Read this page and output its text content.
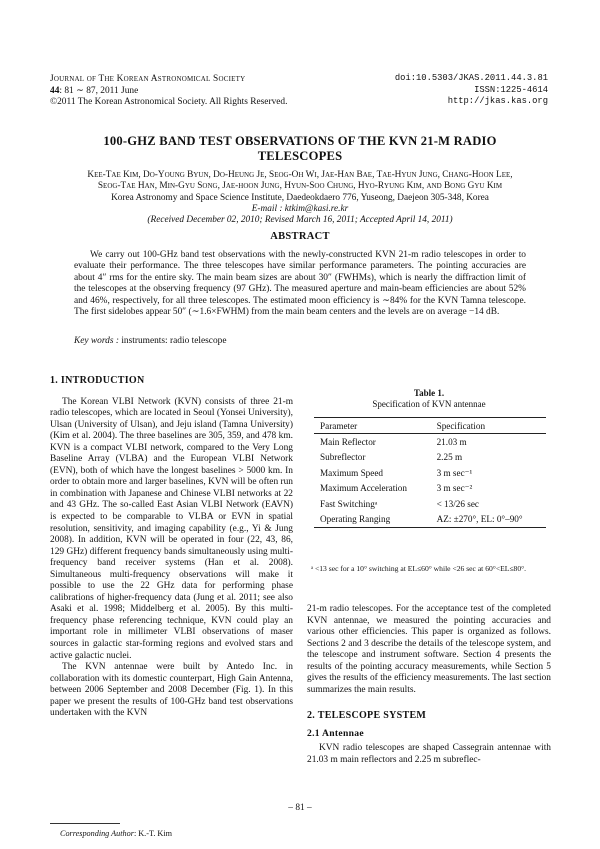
Journal of The Korean Astronomical Society
44: 81 ∼ 87, 2011 June
©2011 The Korean Astronomical Society. All Rights Reserved.
doi:10.5303/JKAS.2011.44.3.81
ISSN:1225-4614
http://jkas.kas.org
100-GHZ BAND TEST OBSERVATIONS OF THE KVN 21-M RADIO TELESCOPES
Kee-Tae Kim, Do-Young Byun, Do-Heung Je, Seog-Oh Wi, Jae-Han Bae, Tae-Hyun Jung, Chang-Hoon Lee,
Seog-Tae Han, Min-Gyu Song, Jae-hoon Jung, Hyun-Soo Chung, Hyo-Ryung Kim, and Bong Gyu Kim
Korea Astronomy and Space Science Institute, Daedeokdaero 776, Yuseong, Daejeon 305-348, Korea
E-mail : ktkim@kasi.re.kr
(Received December 02, 2010; Revised March 16, 2011; Accepted April 14, 2011)
ABSTRACT
We carry out 100-GHz band test observations with the newly-constructed KVN 21-m radio telescopes in order to evaluate their performance. The three telescopes have similar performance parameters. The pointing accuracies are about 4″ rms for the entire sky. The main beam sizes are about 30″ (FWHMs), which is nearly the diffraction limit of the telescopes at the observing frequency (97 GHz). The measured aperture and main-beam efficiencies are about 52% and 46%, respectively, for all three telescopes. The estimated moon efficiency is ∼84% for the KVN Tamna telescope. The first sidelobes appear 50″ (∼1.6×FWHM) from the main beam centers and the levels are on average −14 dB.
Key words : instruments: radio telescope
1. INTRODUCTION

The Korean VLBI Network (KVN) consists of three 21-m radio telescopes, which are located in Seoul (Yonsei University), Ulsan (University of Ulsan), and Jeju island (Tamna University) (Kim et al. 2004). The three baselines are 305, 359, and 478 km. KVN is a compact VLBI network, compared to the Very Long Baseline Array (VLBA) and the European VLBI Network (EVN), both of which have the longest baselines > 5000 km. In order to obtain more and larger baselines, KVN will be often run in combination with Japanese and Chinese VLBI networks at 22 and 43 GHz. The so-called East Asian VLBI Network (EAVN) is expected to be comparable to VLBA or EVN in spatial resolution, sensitivity, and imaging capability (e.g., Yi & Jung 2008). In addition, KVN will be operated in four (22, 43, 86, 129 GHz) different frequency bands simultaneously using multi-frequency band receiver systems (Han et al. 2008). Simultaneous multi-frequency observations will make it possible to use the 22 GHz data for performing phase calibrations of higher-frequency data (Jung et al. 2011; see also Asaki et al. 1998; Middelberg et al. 2005). By this multi-frequency phase referencing technique, KVN could play an important role in millimeter VLBI observations of maser sources in galactic star-forming regions and evolved stars and active galactic nuclei.

The KVN antennae were built by Antedo Inc. in collaboration with its domestic counterpart, High Gain Antenna, between 2006 September and 2008 December (Fig. 1). In this paper we present the results of 100-GHz band test observations undertaken with the KVN

Table 1.
Specification of KVN antennae
Parameter	Specification
Main Reflector	21.03 m
Subreflector	2.25 m
Maximum Speed	3 m sec⁻¹
Maximum Acceleration	3 m sec⁻²
Fast Switchingᵃ	< 13/26 sec
Operating Ranging	AZ: ±270°, EL: 0°–90°
ᵃ <13 sec for a 10° switching at EL≤60° while <26 sec at 60°<EL≤80°.

21-m radio telescopes. For the acceptance test of the completed KVN antennae, we measured the pointing accuracies and various other efficiencies. This paper is organized as follows. Sections 2 and 3 describe the details of the telescope system, and the telescope and instrument software. Section 4 presents the results of the pointing accuracy measurements, while Section 5 gives the results of the efficiency measurements. The last section summarizes the main results.

2. TELESCOPE SYSTEM
2.1 Antennae

KVN radio telescopes are shaped Cassegrain antennae with 21.03 m main reflectors and 2.25 m subreflec-

– 81 –
Corresponding Author: K.-T. Kim
